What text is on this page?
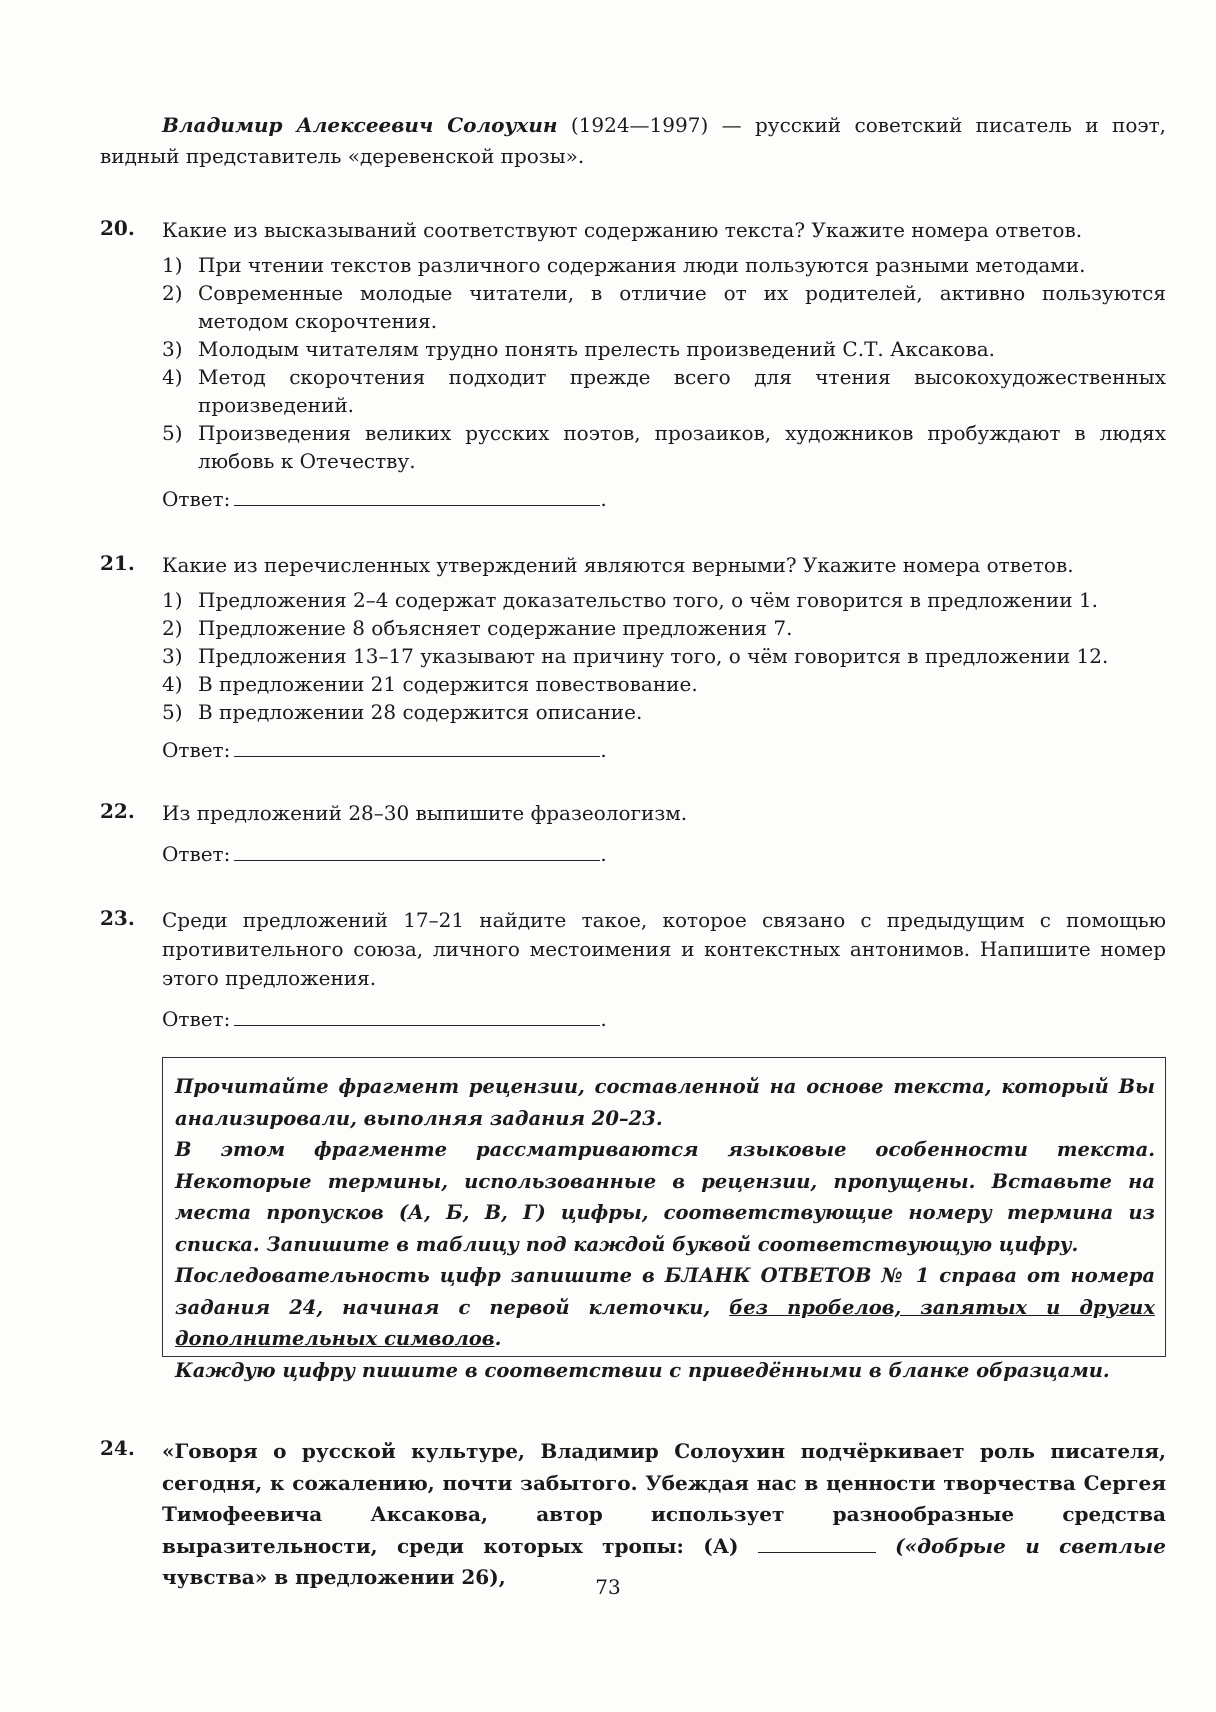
Владимир Алексеевич Солоухин (1924—1997) — русский советский писатель и поэт, видный представитель «деревенской прозы».

20. Какие из высказываний соответствуют содержанию текста? Укажите номера ответов.
1) При чтении текстов различного содержания люди пользуются разными методами.
2) Современные молодые читатели, в отличие от их родителей, активно пользуются методом скорочтения.
3) Молодым читателям трудно понять прелесть произведений С.Т. Аксакова.
4) Метод скорочтения подходит прежде всего для чтения высокохудожественных произведений.
5) Произведения великих русских поэтов, прозаиков, художников пробуждают в людях любовь к Отечеству.
Ответ:	.
21. Какие из перечисленных утверждений являются верными? Укажите номера ответов.
1) Предложения 2–4 содержат доказательство того, о чём говорится в предложении 1.
2) Предложение 8 объясняет содержание предложения 7.
3) Предложения 13–17 указывают на причину того, о чём говорится в предложении 12.
4) В предложении 21 содержится повествование.
5) В предложении 28 содержится описание.
Ответ:	.
22. Из предложений 28–30 выпишите фразеологизм.
Ответ:	.
23. Среди предложений 17–21 найдите такое, которое связано с предыдущим с помощью противительного союза, личного местоимения и контекстных антонимов. Напишите номер этого предложения.
Ответ:	.

Прочитайте фрагмент рецензии, составленной на основе текста, который Вы анализировали, выполняя задания 20–23.

В этом фрагменте рассматриваются языковые особенности текста. Некоторые термины, использованные в рецензии, пропущены. Вставьте на места пропусков (А, Б, В, Г) цифры, соответствующие номеру термина из списка. Запишите в таблицу под каждой буквой соответствующую цифру.

Последовательность цифр запишите в БЛАНК ОТВЕТОВ № 1 справа от номера задания 24, начиная с первой клеточки, без пробелов, запятых и других дополнительных символов.

Каждую цифру пишите в соответствии с приведёнными в бланке образцами.

24. «Говоря о русской культуре, Владимир Солоухин подчёркивает роль писателя, сегодня, к сожалению, почти забытого. Убеждая нас в ценности творчества Сергея Тимофеевича Аксакова, автор использует разнообразные средства выразительности, среди которых тропы: (А)	(«добрые и светлые чувства» в предложении 26),	73
